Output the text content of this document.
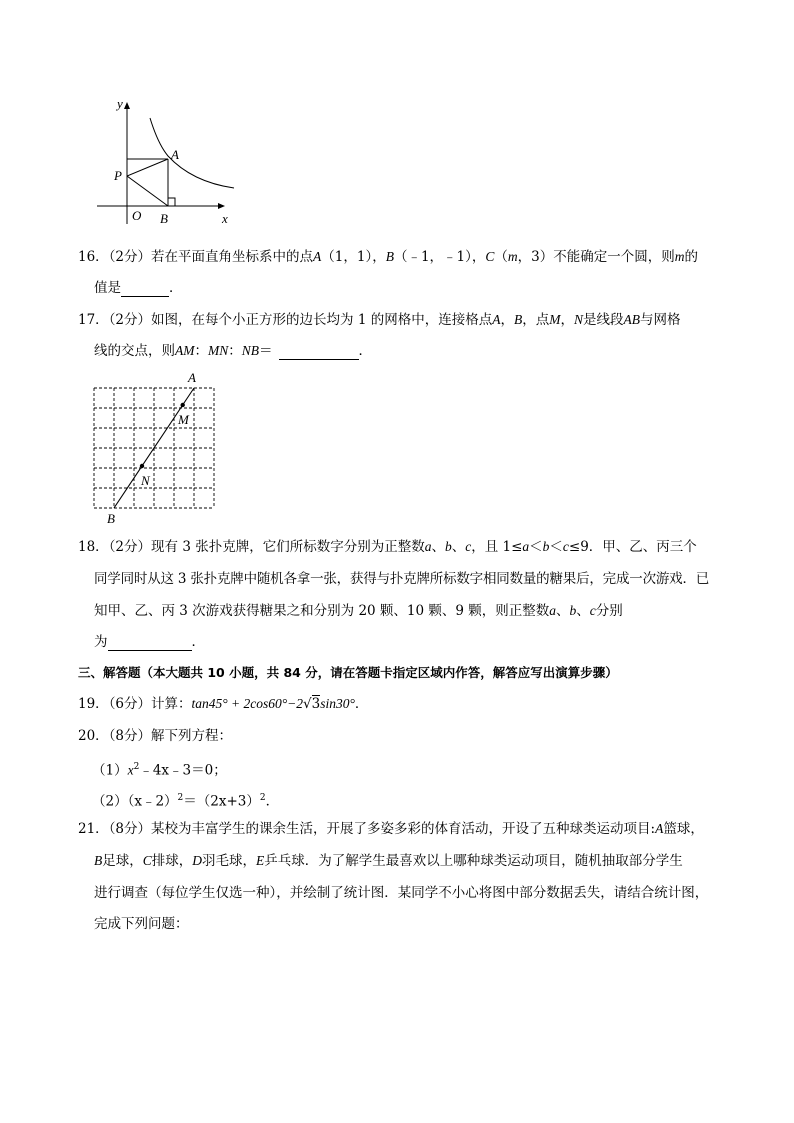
y
x
A
P
O B
16．（2分）若在平面直角坐标系中的点A（1，1），B（﹣1，﹣1），C（m，3）不能确定一个圆，则m的
值是	．
17．（2分）如图，在每个小正方形的边长均为 1 的网格中，连接格点A，B，点M，N是线段AB与网格
线的交点，则AM：MN：NB＝	．
A
M
N
B
18．（2分）现有 3 张扑克牌，它们所标数字分别为正整数a、b、c，且 1≤a＜b＜c≤9．甲、乙、丙三个
同学同时从这 3 张扑克牌中随机各拿一张，获得与扑克牌所标数字相同数量的糖果后，完成一次游戏．已
知甲、乙、丙 3 次游戏获得糖果之和分别为 20 颗、10 颗、9 颗，则正整数a、b、c分别
为	．
三、解答题（本大题共 10 小题，共 84 分，请在答题卡指定区域内作答，解答应写出演算步骤）
19．（6分）计算：tan45° + 2cos60°−2√3sin30°．
20．（8分）解下列方程：
$(1)x^2﹣4x﹣3=0$；
$(2)(x﹣2)^2=(2x+3)^2$．
21．（8分）某校为丰富学生的课余生活，开展了多姿多彩的体育活动，开设了五种球类运动项目:A篮球，
B足球，C排球，D羽毛球，E乒乓球．为了解学生最喜欢以上哪种球类运动项目，随机抽取部分学生
进行调查（每位学生仅选一种），并绘制了统计图．某同学不小心将图中部分数据丢失，请结合统计图，
完成下列问题：
